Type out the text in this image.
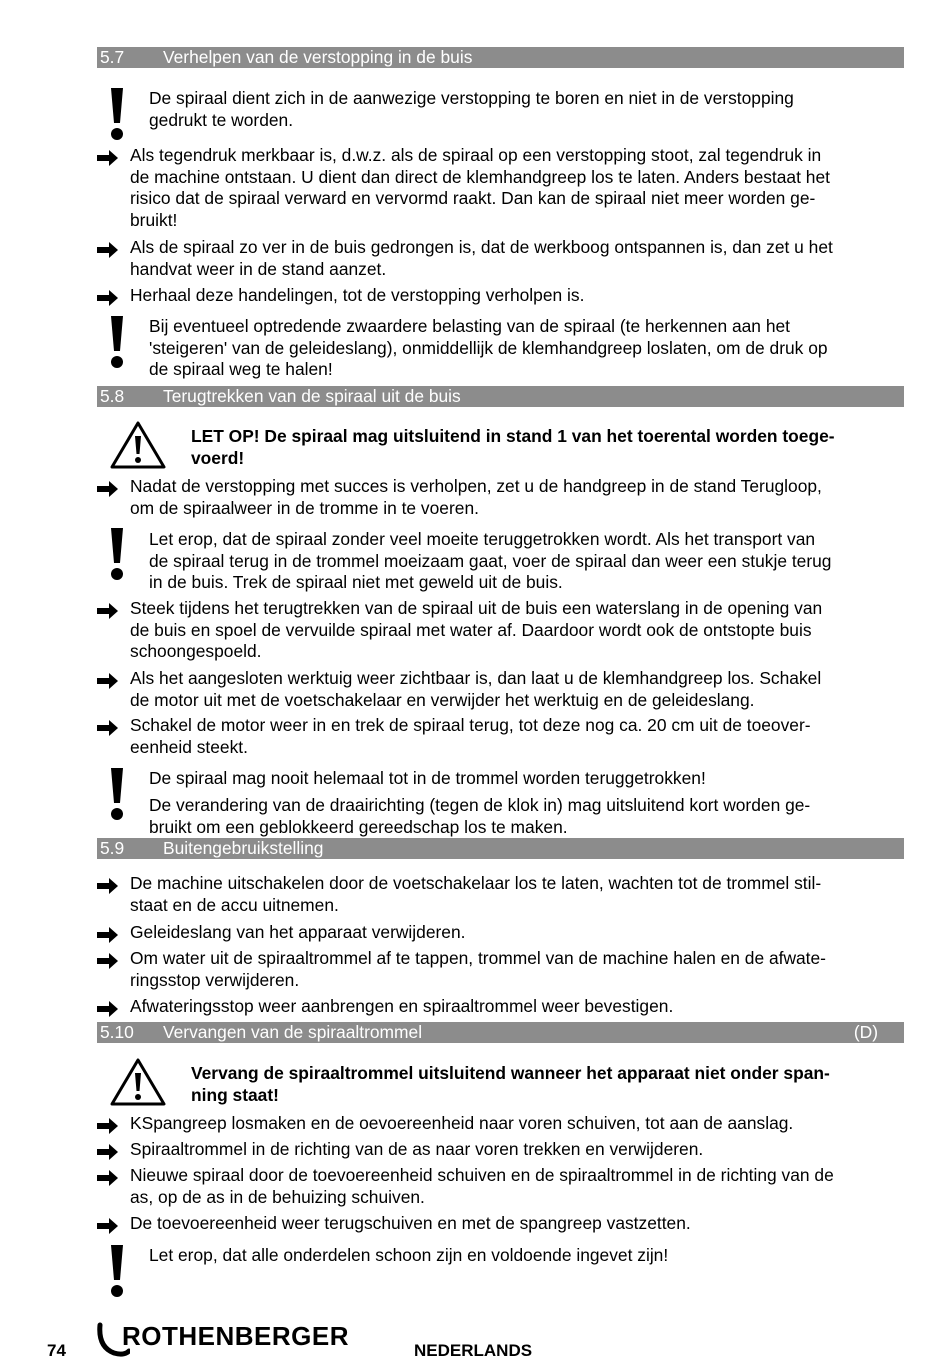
5.7 Verhelpen van de verstopping in de buis
De spiraal dient zich in de aanwezige verstopping te boren en niet in de verstopping
gedrukt te worden.
Als tegendruk merkbaar is, d.w.z. als de spiraal op een verstopping stoot, zal tegendruk in
de machine ontstaan. U dient dan direct de klemhandgreep los te laten. Anders bestaat het
risico dat de spiraal verward en vervormd raakt. Dan kan de spiraal niet meer worden ge-
bruikt!
Als de spiraal zo ver in de buis gedrongen is, dat de werkboog ontspannen is, dan zet u het
handvat weer in de stand aanzet.
Herhaal deze handelingen, tot de verstopping verholpen is.
Bij eventueel optredende zwaardere belasting van de spiraal (te herkennen aan het
'steigeren' van de geleideslang), onmiddellijk de klemhandgreep loslaten, om de druk op
de spiraal weg te halen!
5.8 Terugtrekken van de spiraal uit de buis
LET OP! De spiraal mag uitsluitend in stand 1 van het toerental worden toege-
voerd!
Nadat de verstopping met succes is verholpen, zet u de handgreep in de stand Terugloop,
om de spiraalweer in de tromme in te voeren.
Let erop, dat de spiraal zonder veel moeite teruggetrokken wordt. Als het transport van
de spiraal terug in de trommel moeizaam gaat, voer de spiraal dan weer een stukje terug
in de buis. Trek de spiraal niet met geweld uit de buis.
Steek tijdens het terugtrekken van de spiraal uit de buis een waterslang in de opening van
de buis en spoel de vervuilde spiraal met water af. Daardoor wordt ook de ontstopte buis
schoongespoeld.
Als het aangesloten werktuig weer zichtbaar is, dan laat u de klemhandgreep los. Schakel
de motor uit met de voetschakelaar en verwijder het werktuig en de geleideslang.
Schakel de motor weer in en trek de spiraal terug, tot deze nog ca. 20 cm uit de toeover-
eenheid steekt.
De spiraal mag nooit helemaal tot in de trommel worden teruggetrokken!
De verandering van de draairichting (tegen de klok in) mag uitsluitend kort worden ge-
bruikt om een geblokkeerd gereedschap los te maken.
5.9 Buitengebruikstelling
De machine uitschakelen door de voetschakelaar los te laten, wachten tot de trommel stil-
staat en de accu uitnemen.
Geleideslang van het apparaat verwijderen.
Om water uit de spiraaltrommel af te tappen, trommel van de machine halen en de afwate-
ringsstop verwijderen.
Afwateringsstop weer aanbrengen en spiraaltrommel weer bevestigen.
5.10 Vervangen van de spiraaltrommel	(D)
Vervang de spiraaltrommel uitsluitend wanneer het apparaat niet onder span-
ning staat!
KSpangreep losmaken en de oevoereenheid naar voren schuiven, tot aan de aanslag.
Spiraaltrommel in de richting van de as naar voren trekken en verwijderen.
Nieuwe spiraal door de toevoereenheid schuiven en de spiraaltrommel in de richting van de
as, op de as in de behuizing schuiven.
De toevoereenheid weer terugschuiven en met de spangreep vastzetten.
Let erop, dat alle onderdelen schoon zijn en voldoende ingevet zijn!
74 ROTHENBERGER	NEDERLANDS
